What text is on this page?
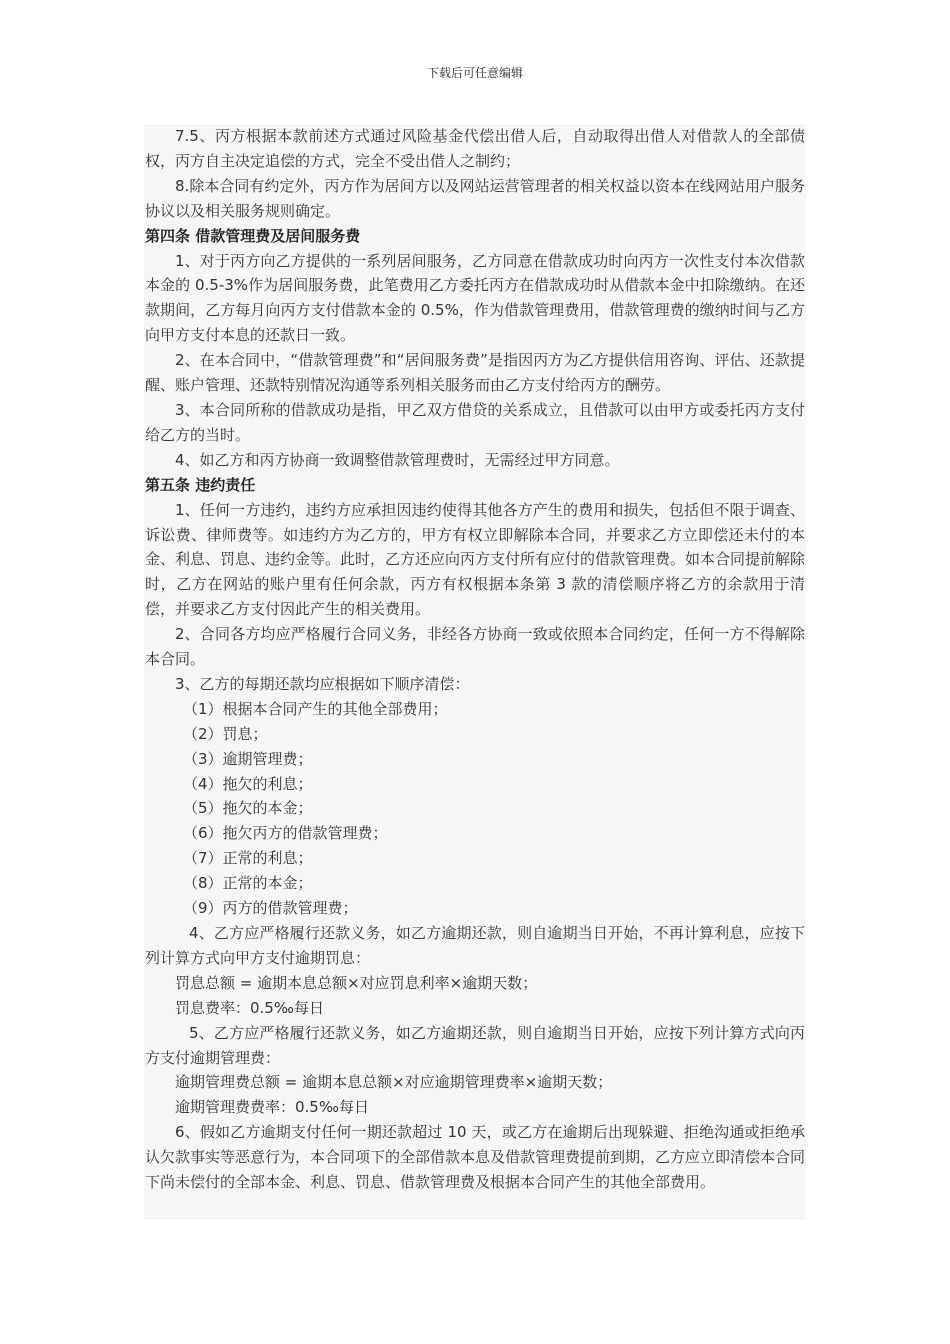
下载后可任意编辑

7.5、丙方根据本款前述方式通过风险基金代偿出借人后，自动取得出借人对借款人的全部债权，丙方自主决定追偿的方式，完全不受出借人之制约；

8.除本合同有约定外，丙方作为居间方以及网站运营管理者的相关权益以资本在线网站用户服务协议以及相关服务规则确定。

第四条 借款管理费及居间服务费

1、对于丙方向乙方提供的一系列居间服务，乙方同意在借款成功时向丙方一次性支付本次借款本金的 0.5-3%作为居间服务费，此笔费用乙方委托丙方在借款成功时从借款本金中扣除缴纳。在还款期间，乙方每月向丙方支付借款本金的 0.5%，作为借款管理费用，借款管理费的缴纳时间与乙方向甲方支付本息的还款日一致。

2、在本合同中，“借款管理费”和“居间服务费”是指因丙方为乙方提供信用咨询、评估、还款提醒、账户管理、还款特别情况沟通等系列相关服务而由乙方支付给丙方的酬劳。

3、本合同所称的借款成功是指，甲乙双方借贷的关系成立，且借款可以由甲方或委托丙方支付给乙方的当时。

4、如乙方和丙方协商一致调整借款管理费时，无需经过甲方同意。

第五条 违约责任

1、任何一方违约，违约方应承担因违约使得其他各方产生的费用和损失，包括但不限于调查、诉讼费、律师费等。如违约方为乙方的，甲方有权立即解除本合同，并要求乙方立即偿还未付的本金、利息、罚息、违约金等。此时，乙方还应向丙方支付所有应付的借款管理费。如本合同提前解除时，乙方在网站的账户里有任何余款，丙方有权根据本条第 3 款的清偿顺序将乙方的余款用于清偿，并要求乙方支付因此产生的相关费用。

2、合同各方均应严格履行合同义务，非经各方协商一致或依照本合同约定，任何一方不得解除本合同。

3、乙方的每期还款均应根据如下顺序清偿：

（1）根据本合同产生的其他全部费用；

（2）罚息；

（3）逾期管理费；

（4）拖欠的利息；

（5）拖欠的本金；

（6）拖欠丙方的借款管理费；

（7）正常的利息；

（8）正常的本金；

（9）丙方的借款管理费；

4、乙方应严格履行还款义务，如乙方逾期还款，则自逾期当日开始，不再计算利息，应按下列计算方式向甲方支付逾期罚息：

罚息总额 = 逾期本息总额×对应罚息利率×逾期天数；

罚息费率：0.5‰每日

5、乙方应严格履行还款义务，如乙方逾期还款，则自逾期当日开始，应按下列计算方式向丙方支付逾期管理费：

逾期管理费总额 = 逾期本息总额×对应逾期管理费率×逾期天数；

逾期管理费费率：0.5‰每日

6、假如乙方逾期支付任何一期还款超过 10 天，或乙方在逾期后出现躲避、拒绝沟通或拒绝承认欠款事实等恶意行为，本合同项下的全部借款本息及借款管理费提前到期，乙方应立即清偿本合同下尚未偿付的全部本金、利息、罚息、借款管理费及根据本合同产生的其他全部费用。
